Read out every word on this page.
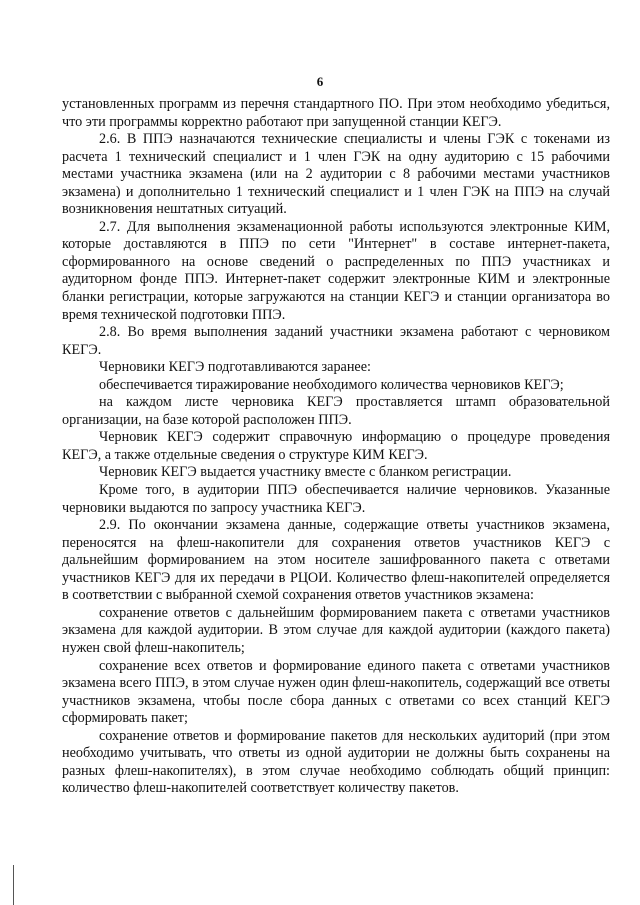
6

установленных программ из перечня стандартного ПО. При этом необходимо убедиться, что эти программы корректно работают при запущенной станции КЕГЭ.

2.6. В ППЭ назначаются технические специалисты и члены ГЭК с токенами из расчета 1 технический специалист и 1 член ГЭК на одну аудиторию с 15 рабочими местами участника экзамена (или на 2 аудитории с 8 рабочими местами участников экзамена) и дополнительно 1 технический специалист и 1 член ГЭК на ППЭ на случай возникновения нештатных ситуаций.

2.7. Для выполнения экзаменационной работы используются электронные КИМ, которые доставляются в ППЭ по сети "Интернет" в составе интернет-пакета, сформированного на основе сведений о распределенных по ППЭ участниках и аудиторном фонде ППЭ. Интернет-пакет содержит электронные КИМ и электронные бланки регистрации, которые загружаются на станции КЕГЭ и станции организатора во время технической подготовки ППЭ.

2.8. Во время выполнения заданий участники экзамена работают с черновиком КЕГЭ.

Черновики КЕГЭ подготавливаются заранее:

обеспечивается тиражирование необходимого количества черновиков КЕГЭ;

на каждом листе черновика КЕГЭ проставляется штамп образовательной организации, на базе которой расположен ППЭ.

Черновик КЕГЭ содержит справочную информацию о процедуре проведения КЕГЭ, а также отдельные сведения о структуре КИМ КЕГЭ.

Черновик КЕГЭ выдается участнику вместе с бланком регистрации.

Кроме того, в аудитории ППЭ обеспечивается наличие черновиков. Указанные черновики выдаются по запросу участника КЕГЭ.

2.9. По окончании экзамена данные, содержащие ответы участников экзамена, переносятся на флеш-накопители для сохранения ответов участников КЕГЭ с дальнейшим формированием на этом носителе зашифрованного пакета с ответами участников КЕГЭ для их передачи в РЦОИ. Количество флеш-накопителей определяется в соответствии с выбранной схемой сохранения ответов участников экзамена:

сохранение ответов с дальнейшим формированием пакета с ответами участников экзамена для каждой аудитории. В этом случае для каждой аудитории (каждого пакета) нужен свой флеш-накопитель;

сохранение всех ответов и формирование единого пакета с ответами участников экзамена всего ППЭ, в этом случае нужен один флеш-накопитель, содержащий все ответы участников экзамена, чтобы после сбора данных с ответами со всех станций КЕГЭ сформировать пакет;

сохранение ответов и формирование пакетов для нескольких аудиторий (при этом необходимо учитывать, что ответы из одной аудитории не должны быть сохранены на разных флеш-накопителях), в этом случае необходимо соблюдать общий принцип: количество флеш-накопителей соответствует количеству пакетов.
